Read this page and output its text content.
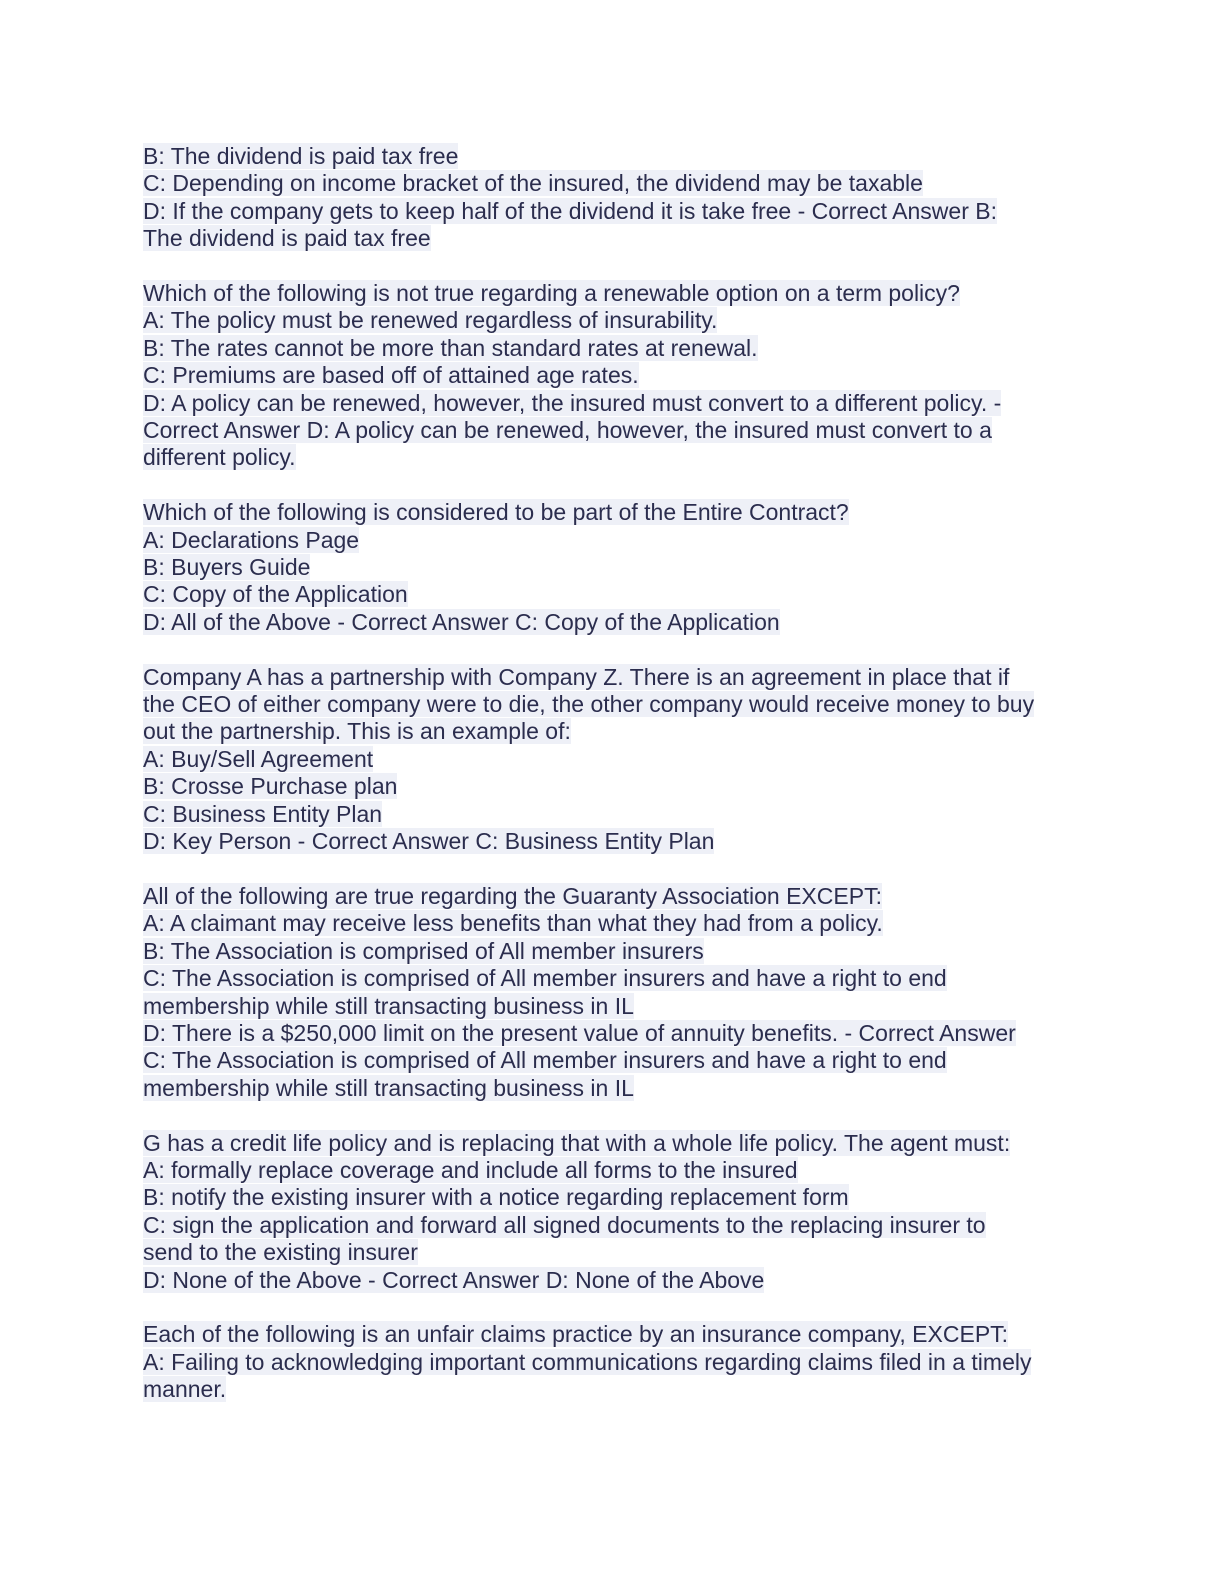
B: The dividend is paid tax free
C: Depending on income bracket of the insured, the dividend may be taxable
D: If the company gets to keep half of the dividend it is take free - Correct Answer B:
The dividend is paid tax free
Which of the following is not true regarding a renewable option on a term policy?
A: The policy must be renewed regardless of insurability.
B: The rates cannot be more than standard rates at renewal.
C: Premiums are based off of attained age rates.
D: A policy can be renewed, however, the insured must convert to a different policy. -
Correct Answer D: A policy can be renewed, however, the insured must convert to a
different policy.
Which of the following is considered to be part of the Entire Contract?
A: Declarations Page
B: Buyers Guide
C: Copy of the Application
D: All of the Above - Correct Answer C: Copy of the Application
Company A has a partnership with Company Z. There is an agreement in place that if
the CEO of either company were to die, the other company would receive money to buy
out the partnership. This is an example of:
A: Buy/Sell Agreement
B: Crosse Purchase plan
C: Business Entity Plan
D: Key Person - Correct Answer C: Business Entity Plan
All of the following are true regarding the Guaranty Association EXCEPT:
A: A claimant may receive less benefits than what they had from a policy.
B: The Association is comprised of All member insurers
C: The Association is comprised of All member insurers and have a right to end
membership while still transacting business in IL
D: There is a $250,000 limit on the present value of annuity benefits. - Correct Answer
C: The Association is comprised of All member insurers and have a right to end
membership while still transacting business in IL
G has a credit life policy and is replacing that with a whole life policy. The agent must:
A: formally replace coverage and include all forms to the insured
B: notify the existing insurer with a notice regarding replacement form
C: sign the application and forward all signed documents to the replacing insurer to
send to the existing insurer
D: None of the Above - Correct Answer D: None of the Above
Each of the following is an unfair claims practice by an insurance company, EXCEPT:
A: Failing to acknowledging important communications regarding claims filed in a timely
manner.
